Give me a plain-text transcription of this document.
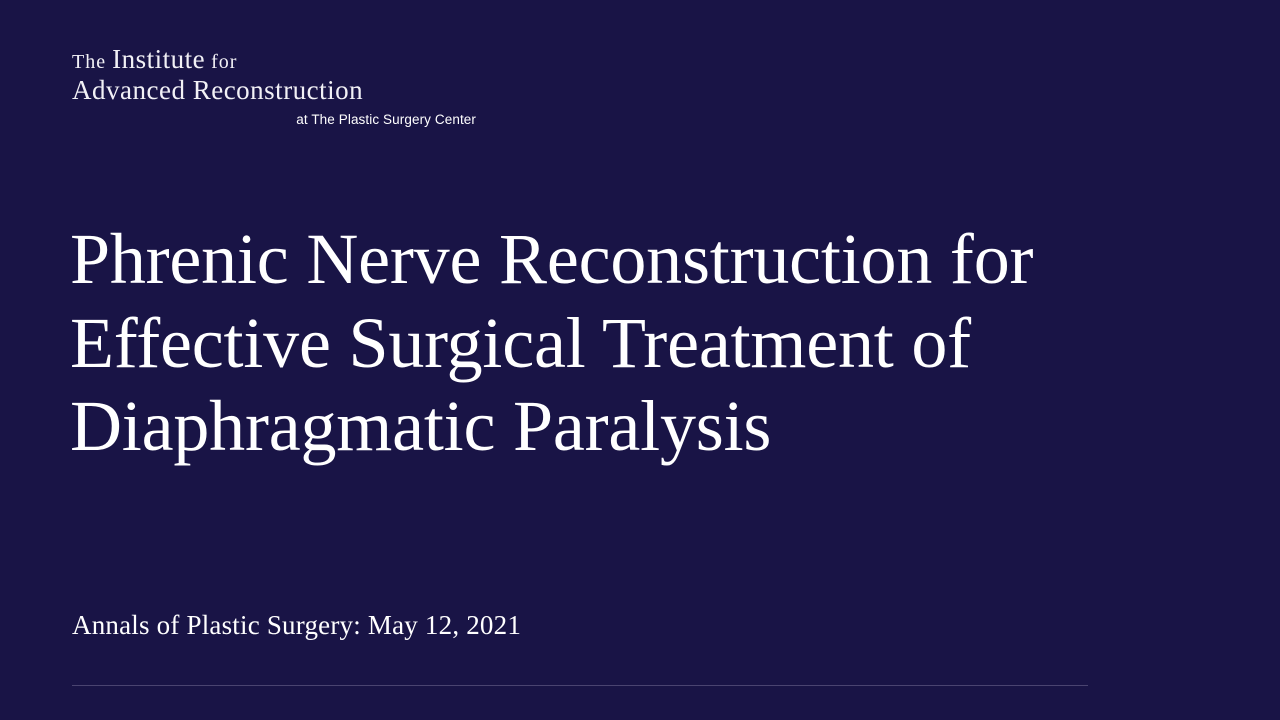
The Institute for
Advanced Reconstruction
at The Plastic Surgery Center
Phrenic Nerve Reconstruction for Effective Surgical Treatment of Diaphragmatic Paralysis
Annals of Plastic Surgery: May 12, 2021
